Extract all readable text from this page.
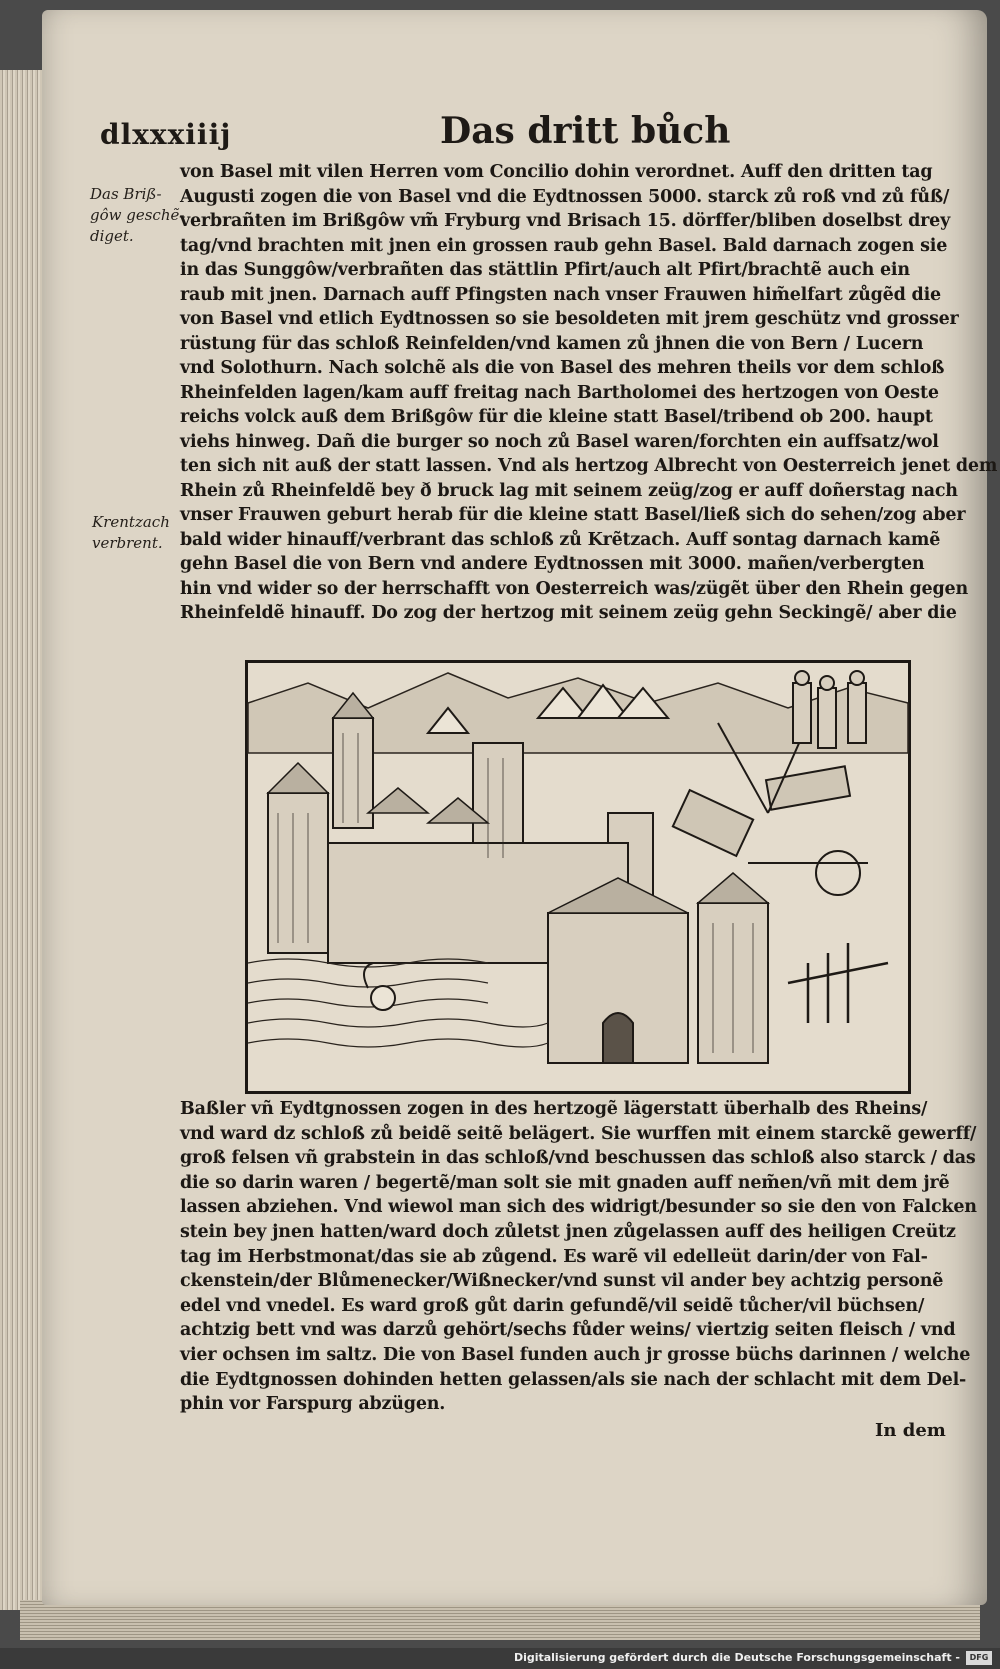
dlxxxiiij	Das dritt bůch
Das Briß-
gôw geschẽ-
diget.
Krentzach
verbrent.
von Basel mit vilen Herren vom Concilio dohin verordnet. Auff den dritten tag
Augusti zogen die von Basel vnd die Eydtnossen 5000. starck zů roß vnd zů fůß/
verbrañten im Brißgôw vm̃ Fryburg vnd Brisach 15. dörffer/bliben doselbst drey
tag/vnd brachten mit jnen ein grossen raub gehn Basel. Bald darnach zogen sie
in das Sunggôw/verbrañten das stättlin Pfirt/auch alt Pfirt/brachtẽ auch ein
raub mit jnen. Darnach auff Pfingsten nach vnser Frauwen him̃elfart zůgẽd die
von Basel vnd etlich Eydtnossen so sie besoldeten mit jrem geschütz vnd grosser
rüstung für das schloß Reinfelden/vnd kamen zů jhnen die von Bern / Lucern
vnd Solothurn. Nach solchẽ als die von Basel des mehren theils vor dem schloß
Rheinfelden lagen/kam auff freitag nach Bartholomei des hertzogen von Oeste
reichs volck auß dem Brißgôw für die kleine statt Basel/tribend ob 200. haupt
viehs hinweg. Dañ die burger so noch zů Basel waren/forchten ein auffsatz/wol
ten sich nit auß der statt lassen. Vnd als hertzog Albrecht von Oesterreich jenet dem
Rhein zů Rheinfeldẽ bey ð bruck lag mit seinem zeüg/zog er auff doñerstag nach
vnser Frauwen geburt herab für die kleine statt Basel/ließ sich do sehen/zog aber
bald wider hinauff/verbrant das schloß zů Krẽtzach. Auff sontag darnach kamẽ
gehn Basel die von Bern vnd andere Eydtnossen mit 3000. mañen/verbergten
hin vnd wider so der herrschafft von Oesterreich was/zügẽt über den Rhein gegen
Rheinfeldẽ hinauff. Do zog der hertzog mit seinem zeüg gehn Seckingẽ/ aber die
Baßler vñ Eydtgnossen zogen in des hertzogẽ lägerstatt überhalb des Rheins/
vnd ward dz schloß zů beidẽ seitẽ belägert. Sie wurffen mit einem starckẽ gewerff/
groß felsen vñ grabstein in das schloß/vnd beschussen das schloß also starck / das
die so darin waren / begertẽ/man solt sie mit gnaden auff nem̃en/vñ mit dem jrẽ
lassen abziehen. Vnd wiewol man sich des widrigt/besunder so sie den von Falcken
stein bey jnen hatten/ward doch zůletst jnen zůgelassen auff des heiligen Creütz
tag im Herbstmonat/das sie ab zůgend. Es warẽ vil edelleüt darin/der von Fal-
ckenstein/der Blůmenecker/Wißnecker/vnd sunst vil ander bey achtzig personẽ
edel vnd vnedel. Es ward groß gůt darin gefundẽ/vil seidẽ tůcher/vil büchsen/
achtzig bett vnd was darzů gehört/sechs fůder weins/ viertzig seiten fleisch / vnd
vier ochsen im saltz. Die von Basel funden auch jr grosse büchs darinnen / welche
die Eydtgnossen dohinden hetten gelassen/als sie nach der schlacht mit dem Del-
phin vor Farspurg abzügen.
In dem
Digitalisierung gefördert durch die Deutsche Forschungsgemeinschaft -	DFG
